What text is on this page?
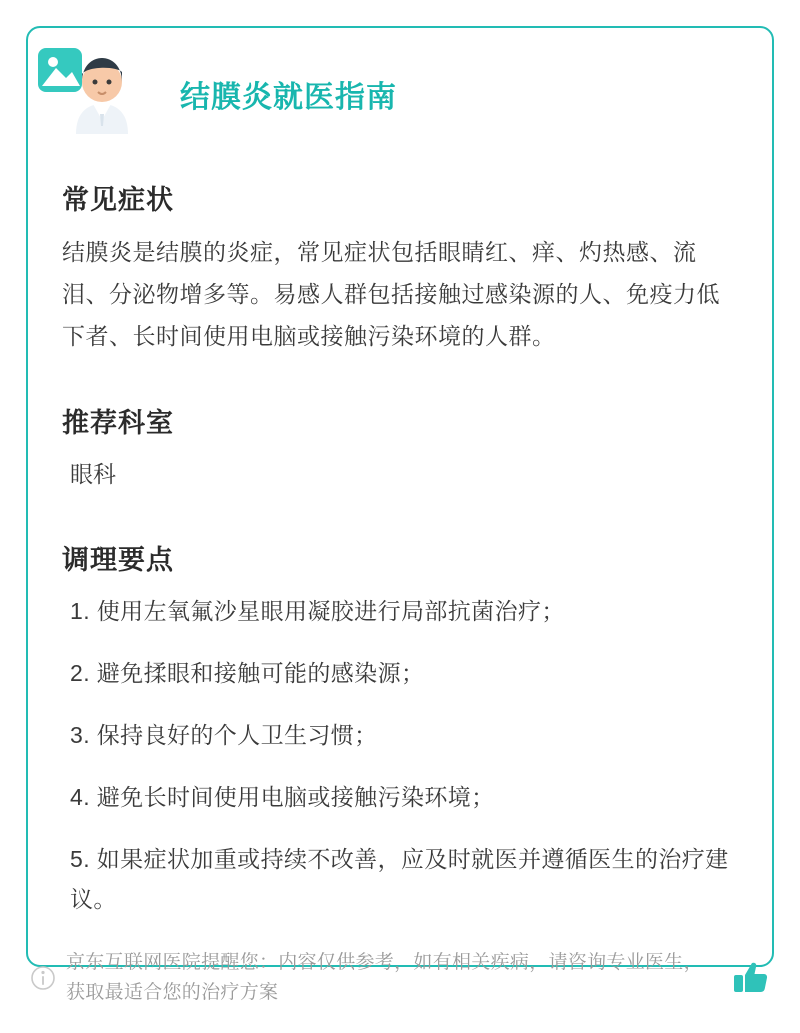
结膜炎就医指南
常见症状

结膜炎是结膜的炎症，常见症状包括眼睛红、痒、灼热感、流泪、分泌物增多等。易感人群包括接触过感染源的人、免疫力低下者、长时间使用电脑或接触污染环境的人群。

推荐科室

眼科

调理要点
1. 使用左氧氟沙星眼用凝胶进行局部抗菌治疗；
2. 避免揉眼和接触可能的感染源；
3. 保持良好的个人卫生习惯；
4. 避免长时间使用电脑或接触污染环境；
5. 如果症状加重或持续不改善，应及时就医并遵循医生的治疗建议。
京东互联网医院提醒您：内容仅供参考，如有相关疾病，请咨询专业医生，获取最适合您的治疗方案
